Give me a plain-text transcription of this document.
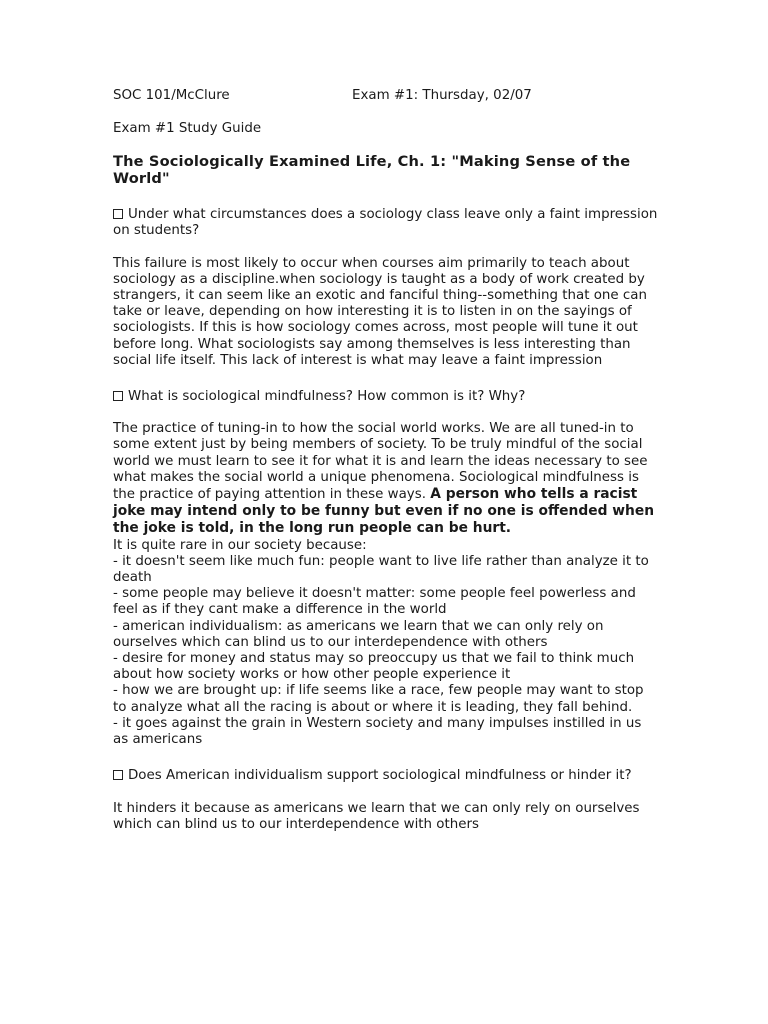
SOC 101/McClure	Exam #1: Thursday, 02/07
Exam #1 Study Guide
The Sociologically Examined Life, Ch. 1: "Making Sense of the World"
Under what circumstances does a sociology class leave only a faint impression on students?
This failure is most likely to occur when courses aim primarily to teach about sociology as a discipline.when sociology is taught as a body of work created by strangers, it can seem like an exotic and fanciful thing--something that one can take or leave, depending on how interesting it is to listen in on the sayings of sociologists. If this is how sociology comes across, most people will tune it out before long. What sociologists say among themselves is less interesting than social life itself. This lack of interest is what may leave a faint impression
What is sociological mindfulness? How common is it? Why?
The practice of tuning-in to how the social world works. We are all tuned-in to some extent just by being members of society. To be truly mindful of the social world we must learn to see it for what it is and learn the ideas necessary to see what makes the social world a unique phenomena. Sociological mindfulness is the practice of paying attention in these ways. A person who tells a racist joke may intend only to be funny but even if no one is offended when the joke is told, in the long run people can be hurt.
It is quite rare in our society because:
- it doesn't seem like much fun: people want to live life rather than analyze it to death
- some people may believe it doesn't matter: some people feel powerless and feel as if they cant make a difference in the world
- american individualism: as americans we learn that we can only rely on ourselves which can blind us to our interdependence with others
- desire for money and status may so preoccupy us that we fail to think much about how society works or how other people experience it
- how we are brought up: if life seems like a race, few people may want to stop to analyze what all the racing is about or where it is leading, they fall behind.
- it goes against the grain in Western society and many impulses instilled in us as americans
Does American individualism support sociological mindfulness or hinder it?
It hinders it because as americans we learn that we can only rely on ourselves which can blind us to our interdependence with others
